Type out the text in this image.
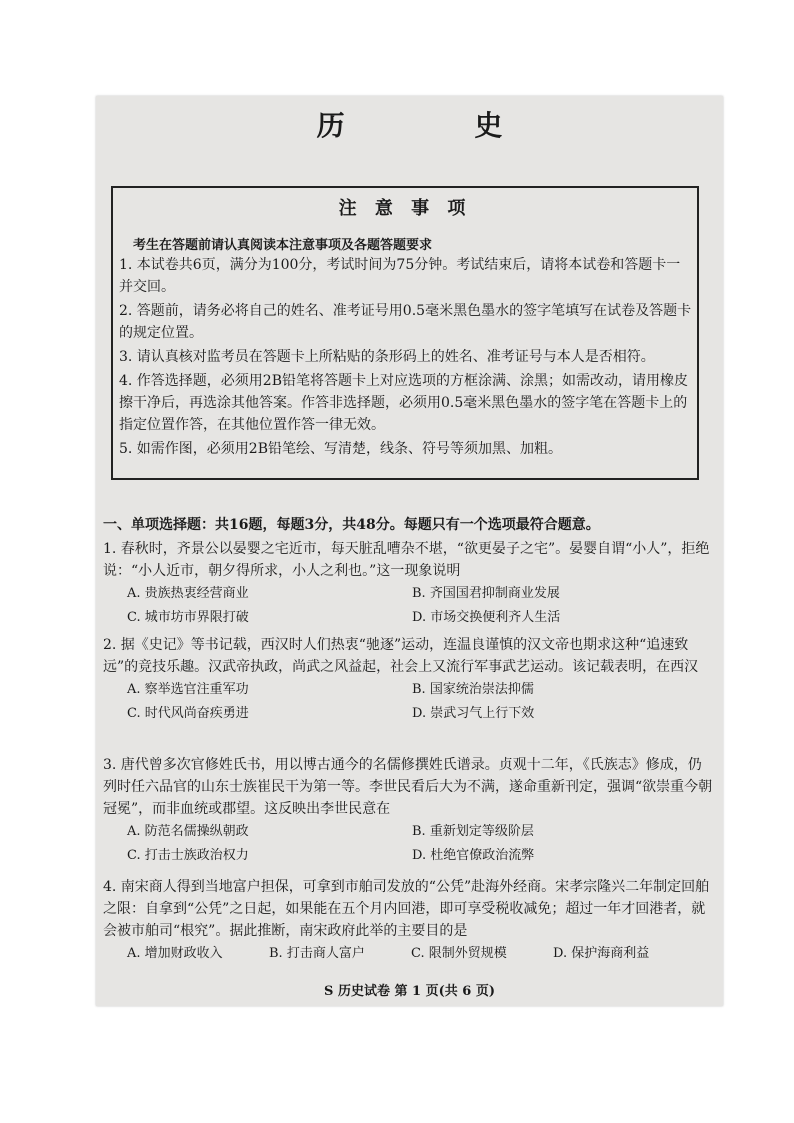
历 史
注 意 事 项
考生在答题前请认真阅读本注意事项及各题答题要求

1. 本试卷共6页，满分为100分，考试时间为75分钟。考试结束后，请将本试卷和答题卡一并交回。

2. 答题前，请务必将自己的姓名、准考证号用0.5毫米黑色墨水的签字笔填写在试卷及答题卡的规定位置。

3. 请认真核对监考员在答题卡上所粘贴的条形码上的姓名、准考证号与本人是否相符。

4. 作答选择题，必须用2B铅笔将答题卡上对应选项的方框涂满、涂黑；如需改动，请用橡皮擦干净后，再选涂其他答案。作答非选择题，必须用0.5毫米黑色墨水的签字笔在答题卡上的指定位置作答，在其他位置作答一律无效。

5. 如需作图，必须用2B铅笔绘、写清楚，线条、符号等须加黑、加粗。

一、单项选择题：共16题，每题3分，共48分。每题只有一个选项最符合题意。

1. 春秋时，齐景公以晏婴之宅近市，每天脏乱嘈杂不堪，“欲更晏子之宅”。晏婴自谓“小人”，拒绝说：“小人近市，朝夕得所求，小人之利也。”这一现象说明

A. 贵族热衷经营商业	B. 齐国国君抑制商业发展
C. 城市坊市界限打破	D. 市场交换便利齐人生活

2. 据《史记》等书记载，西汉时人们热衷“驰逐”运动，连温良谨慎的汉文帝也期求这种“追速致远”的竞技乐趣。汉武帝执政，尚武之风益起，社会上又流行军事武艺运动。该记载表明，在西汉

A. 察举选官注重军功	B. 国家统治崇法抑儒
C. 时代风尚奋疾勇进	D. 崇武习气上行下效

3. 唐代曾多次官修姓氏书，用以博古通今的名儒修撰姓氏谱录。贞观十二年，《氏族志》修成，仍列时任六品官的山东士族崔民干为第一等。李世民看后大为不满，遂命重新刊定，强调“欲崇重今朝冠冕”，而非血统或郡望。这反映出李世民意在

A. 防范名儒操纵朝政	B. 重新划定等级阶层
C. 打击士族政治权力	D. 杜绝官僚政治流弊

4. 南宋商人得到当地富户担保，可拿到市舶司发放的“公凭”赴海外经商。宋孝宗隆兴二年制定回舶之限：自拿到“公凭”之日起，如果能在五个月内回港，即可享受税收减免；超过一年才回港者，就会被市舶司“根究”。据此推断，南宋政府此举的主要目的是

A. 增加财政收入	B. 打击商人富户	C. 限制外贸规模	D. 保护海商利益
S 历史试卷 第 1 页(共 6 页)
